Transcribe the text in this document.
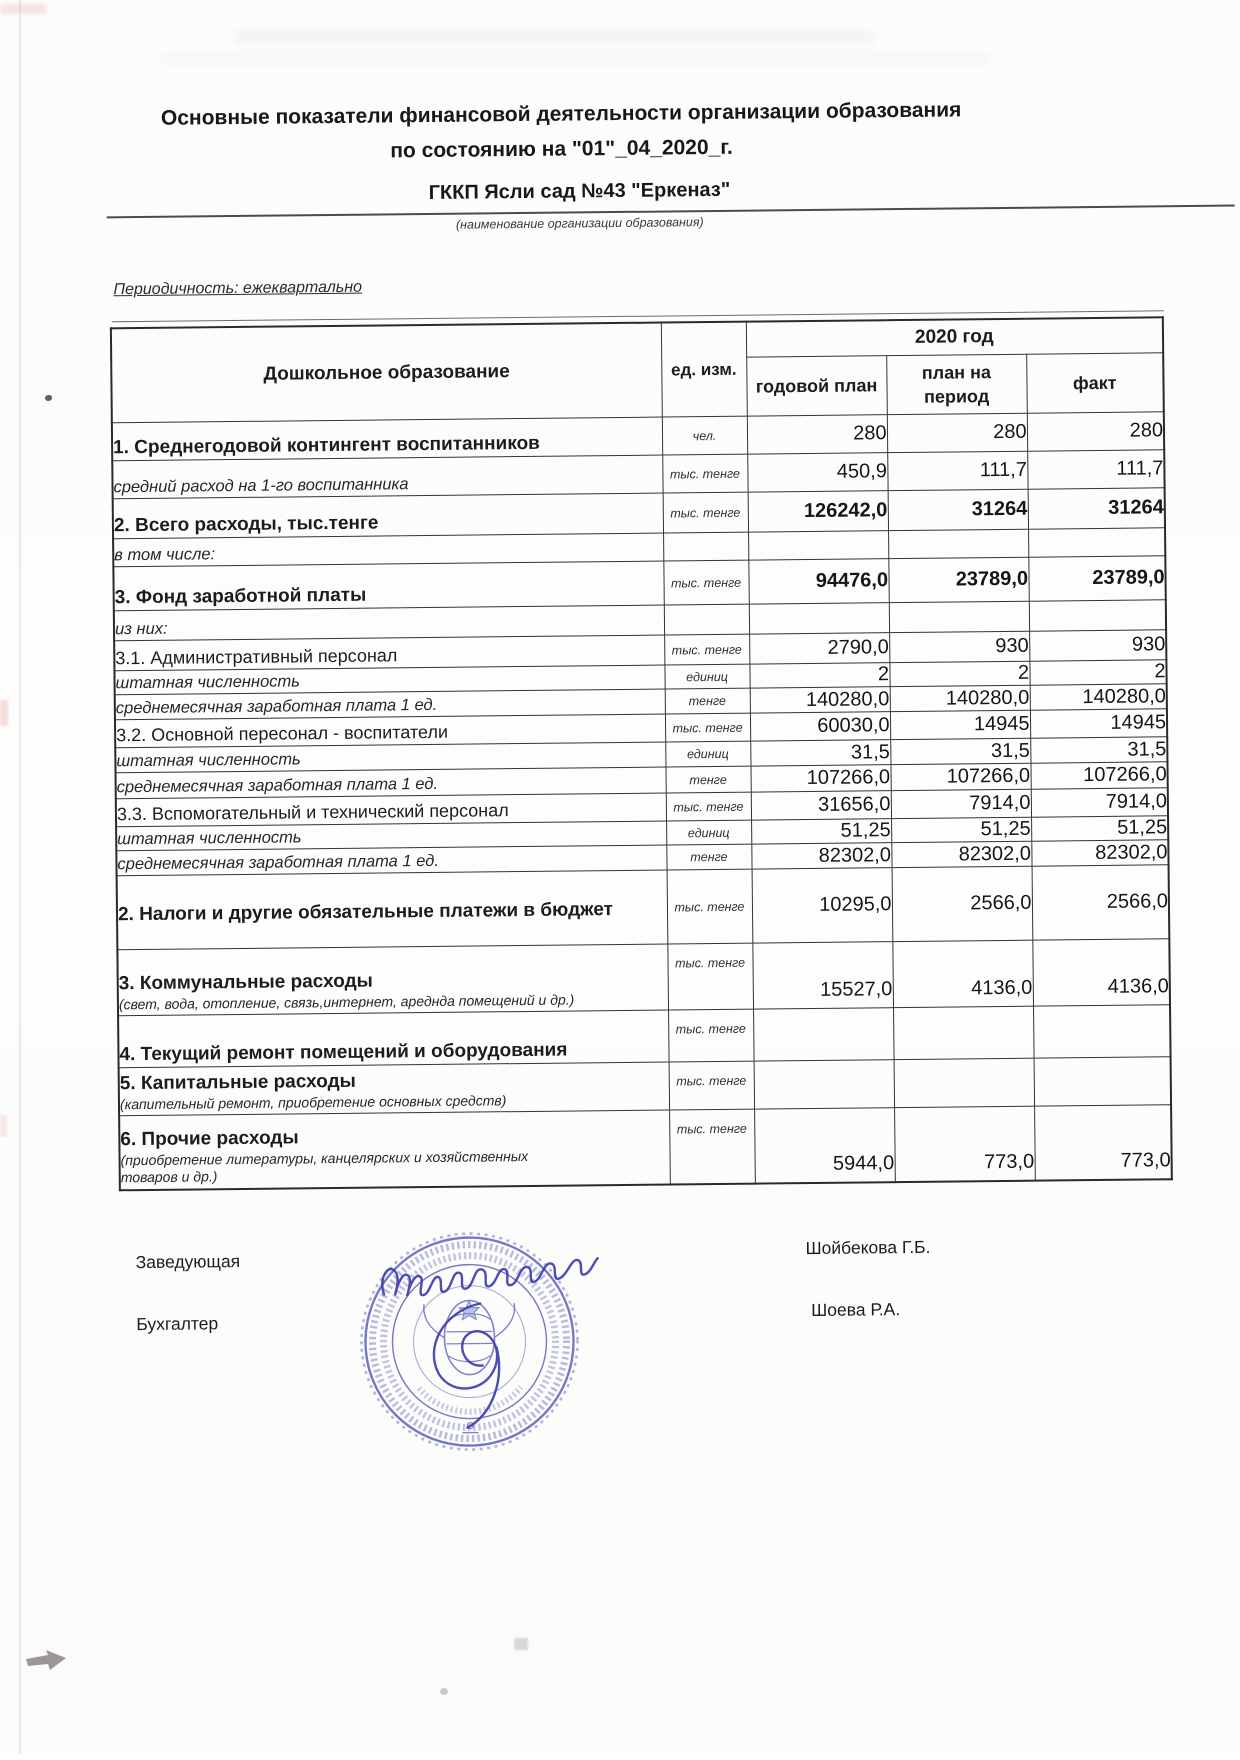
Основные показатели финансовой деятельности организации образования
по состоянию на "01"_04_2020_г.
ГККП Ясли сад №43 "Еркеназ"
(наименование организации образования)
Периодичность: ежеквартально
Дошкольное образование	ед. изм.	2020 год		
		годовой план	план на период	факт

1. Среднегодовой контингент воспитанников	чел.	280	280	280

средний расход на 1-го воспитанника	тыс. тенге	450,9	111,7	111,7

2. Всего расходы, тыс.тенге	тыс. тенге	126242,0	31264	31264

в том числе:				

3. Фонд заработной платы	тыс. тенге	94476,0	23789,0	23789,0

из них:				

3.1. Административный персонал	тыс. тенге	2790,0	930	930

штатная численность	единиц	2	2	2

среднемесячная заработная плата 1 ед.	тенге	140280,0	140280,0	140280,0

3.2. Основной пересонал - воспитатели	тыс. тенге	60030,0	14945	14945

штатная численность	единиц	31,5	31,5	31,5

среднемесячная заработная плата 1 ед.	тенге	107266,0	107266,0	107266,0

3.3. Вспомогательный и технический персонал	тыс. тенге	31656,0	7914,0	7914,0

штатная численность	единиц	51,25	51,25	51,25

среднемесячная заработная плата 1 ед.	тенге	82302,0	82302,0	82302,0

2. Налоги и другие обязательные платежи в бюджет	тыс. тенге	10295,0	2566,0	2566,0

3. Коммунальные расходы
(свет, вода, отопление, связь,интернет, ареднда помещений и др.)	тыс. тенге	15527,0	4136,0	4136,0

4. Текущий ремонт помещений и оборудования	тыс. тенге			

5. Капитальные расходы
(капительный ремонт, приобретение основных средств)	тыс. тенге			

6. Прочие расходы
(приобретение литературы, канцелярских и хозяйственных товаров и др.)	тыс. тенге	5944,0	773,0	773,0
Заведующая
Бухгалтер
Шойбекова Г.Б.
Шоева Р.А.
